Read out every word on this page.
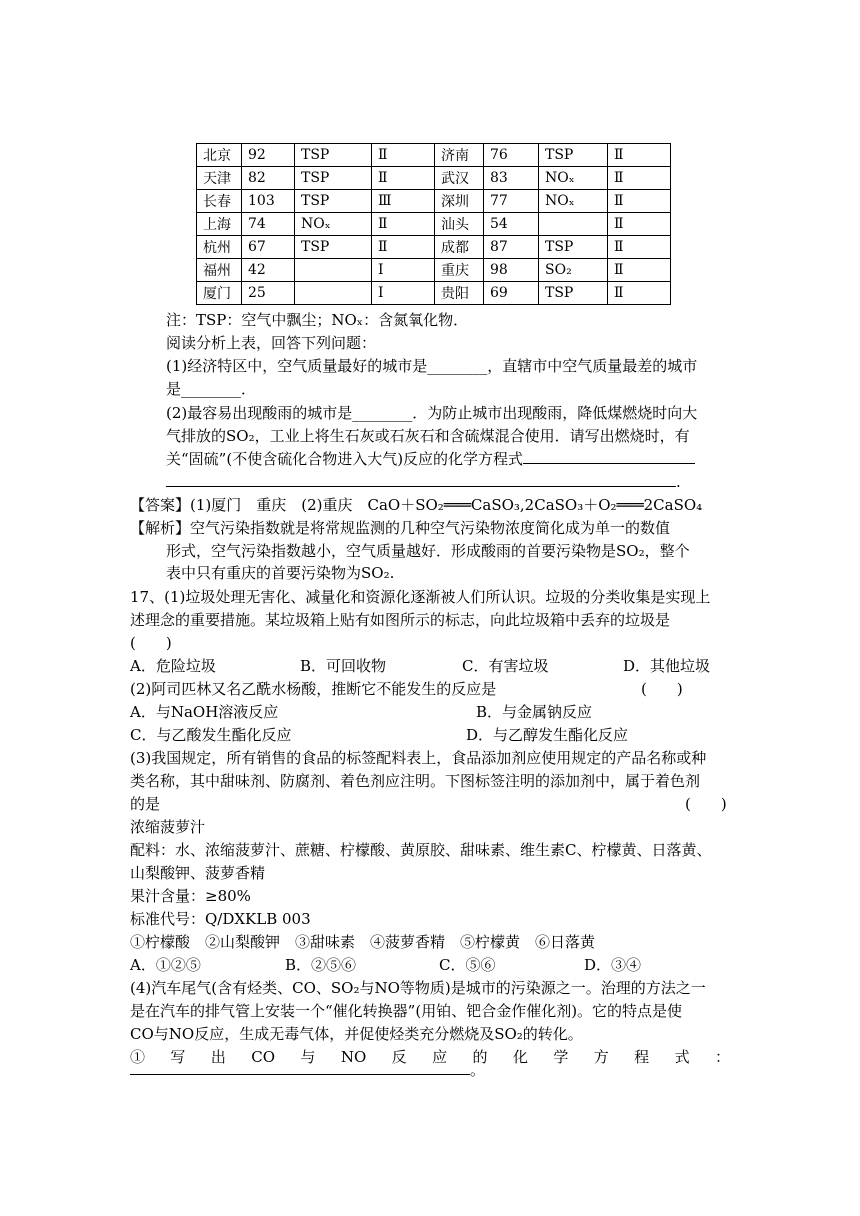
北京	92	TSP	Ⅱ	济南	76	TSP	Ⅱ
天津	82	TSP	Ⅱ	武汉	83	NOₓ	Ⅱ
长春	103	TSP	Ⅲ	深圳	77	NOₓ	Ⅱ
上海	74	NOₓ	Ⅱ	汕头	54		Ⅱ
杭州	67	TSP	Ⅱ	成都	87	TSP	Ⅱ
福州	42		Ⅰ	重庆	98	SO₂	Ⅱ
厦门	25		Ⅰ	贵阳	69	TSP	Ⅱ
注：TSP：空气中飘尘；NOₓ：含氮氧化物．
阅读分析上表，回答下列问题：
(1)经济特区中，空气质量最好的城市是________，直辖市中空气质量最差的城市
是________．
(2)最容易出现酸雨的城市是________．为防止城市出现酸雨，降低煤燃烧时向大
气排放的SO₂，工业上将生石灰或石灰石和含硫煤混合使用．请写出燃烧时，有
关“固硫”(不使含硫化合物进入大气)反应的化学方程式
.
【答案】(1)厦门　重庆　(2)重庆　CaO＋SO₂═══CaSO₃,2CaSO₃＋O₂═══2CaSO₄
【解析】空气污染指数就是将常规监测的几种空气污染物浓度简化成为单一的数值
形式，空气污染指数越小，空气质量越好．形成酸雨的首要污染物是SO₂，整个
表中只有重庆的首要污染物为SO₂.
17、(1)垃圾处理无害化、减量化和资源化逐渐被人们所认识。垃圾的分类收集是实现上
述理念的重要措施。某垃圾箱上贴有如图所示的标志，向此垃圾箱中丢弃的垃圾是
(　　)
A．危险垃圾	B．可回收物	C．有害垃圾	D．其他垃圾
(2)阿司匹林又名乙酰水杨酸，推断它不能发生的反应是	(　　)
A．与NaOH溶液反应	B．与金属钠反应
C．与乙酸发生酯化反应	D．与乙醇发生酯化反应
(3)我国规定，所有销售的食品的标签配料表上，食品添加剂应使用规定的产品名称或种
类名称，其中甜味剂、防腐剂、着色剂应注明。下图标签注明的添加剂中，属于着色剂
的是	(　　)
浓缩菠萝汁
配料：水、浓缩菠萝汁、蔗糖、柠檬酸、黄原胶、甜味素、维生素C、柠檬黄、日落黄、
山梨酸钾、菠萝香精
果汁含量：≥80%
标准代号：Q/DXKLB 003
①柠檬酸　②山梨酸钾　③甜味素　④菠萝香精　⑤柠檬黄　⑥日落黄
A．①②⑤	B．②⑤⑥	C．⑤⑥	D．③④
(4)汽车尾气(含有烃类、CO、SO₂与NO等物质)是城市的污染源之一。治理的方法之一
是在汽车的排气管上安装一个“催化转换器”(用铂、钯合金作催化剂)。它的特点是使
CO与NO反应，生成无毒气体，并促使烃类充分燃烧及SO₂的转化。
①　写　出　CO　与　NO　反　应　的　化　学　方　程　式　：
。
